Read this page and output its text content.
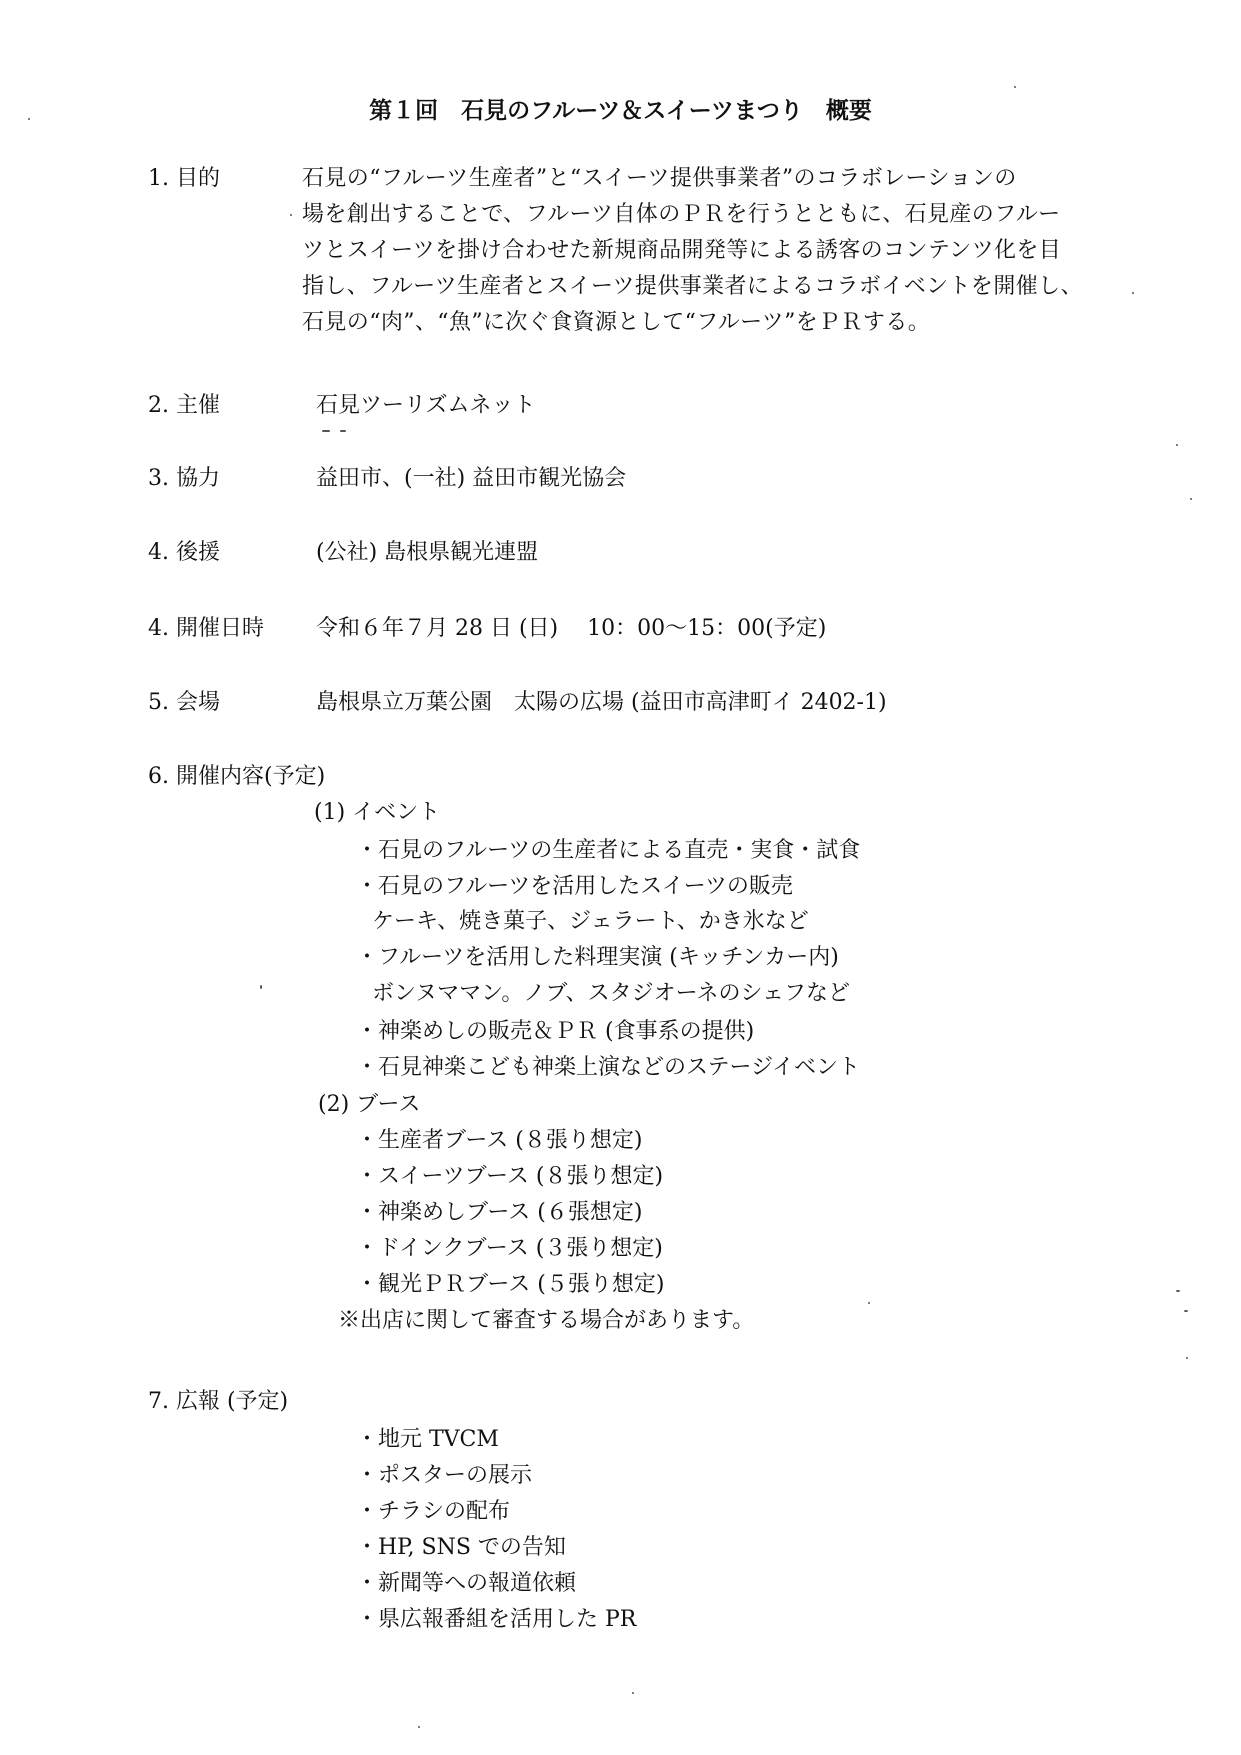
第１回　石見のフルーツ＆スイーツまつり　概要
1. 目的	石見の“フルーツ生産者”と“スイーツ提供事業者”のコラボレーションの
場を創出することで、フルーツ自体のＰＲを行うとともに、石見産のフルー
ツとスイーツを掛け合わせた新規商品開発等による誘客のコンテンツ化を目
指し、フルーツ生産者とスイーツ提供事業者によるコラボイベントを開催し、
石見の“肉”、“魚”に次ぐ食資源として“フルーツ”をＰＲする。
2. 主催	石見ツーリズムネット
3. 協力	益田市、(一社) 益田市観光協会
4. 後援	(公社) 島根県観光連盟
4. 開催日時 令和６年７月 28 日 (日)　 10：00～15：00(予定)
5. 会場	島根県立万葉公園　太陽の広場 (益田市高津町イ 2402-1)
6. 開催内容(予定)
(1) イベント
・石見のフルーツの生産者による直売・実食・試食
・石見のフルーツを活用したスイーツの販売
ケーキ、焼き菓子、ジェラート、かき氷など
・フルーツを活用した料理実演 (キッチンカー内)
ボンヌママン。ノブ、スタジオーネのシェフなど
・神楽めしの販売＆ＰＲ (食事系の提供)
・石見神楽こども神楽上演などのステージイベント
(2) ブース
・生産者ブース (８張り想定)
・スイーツブース (８張り想定)
・神楽めしブース (６張想定)
・ドインクブース (３張り想定)
・観光ＰＲブース (５張り想定)
※出店に関して審査する場合があります。
7. 広報 (予定)
・地元 TVCM
・ポスターの展示
・チラシの配布
・HP, SNS での告知
・新聞等への報道依頼
・県広報番組を活用した PR
